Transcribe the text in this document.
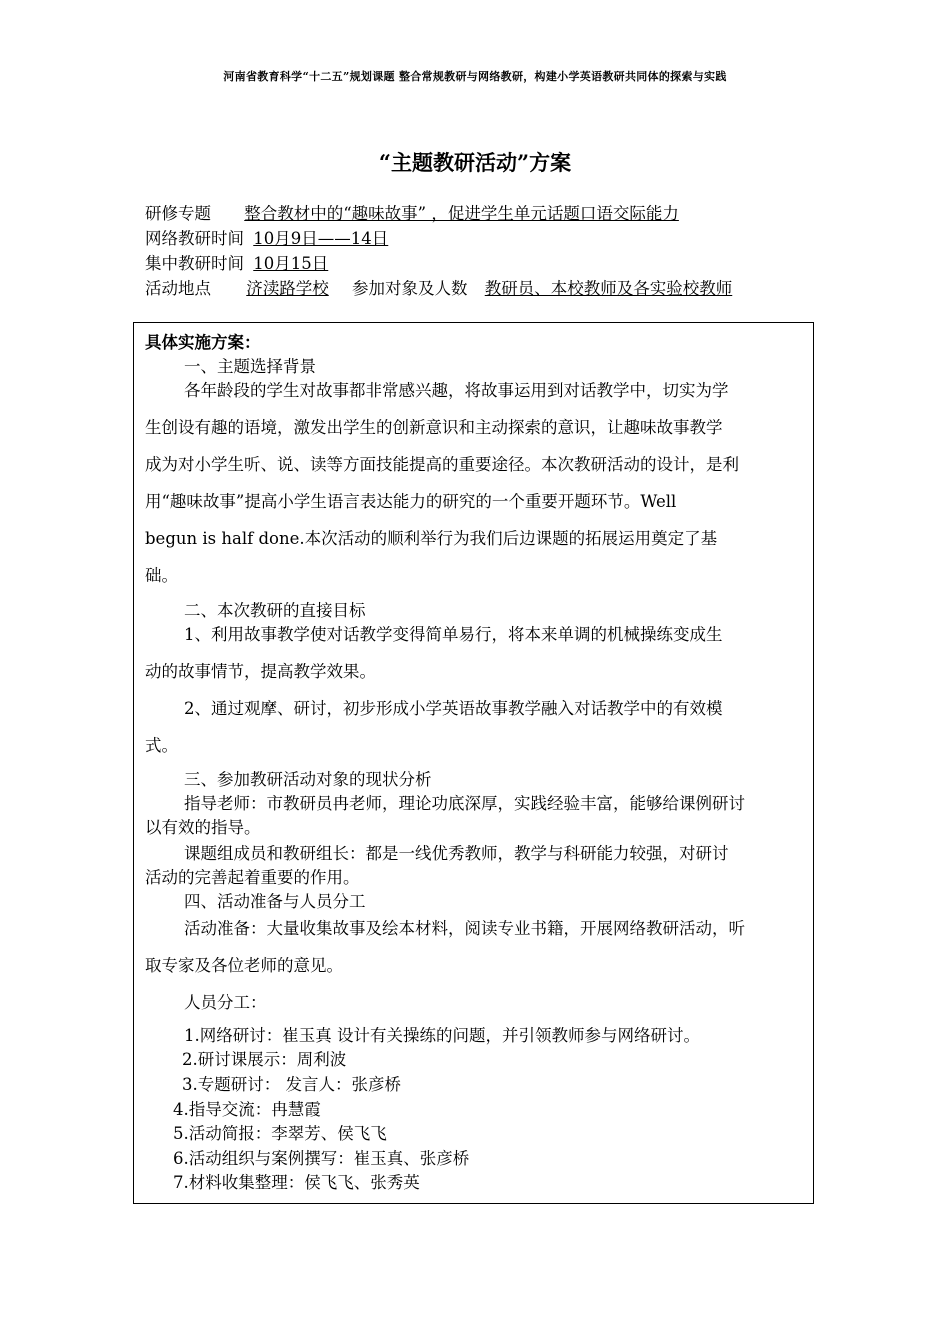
河南省教育科学“十二五”规划课题 整合常规教研与网络教研，构建小学英语教研共同体的探索与实践
“主题教研活动”方案
研修专题 整合教材中的“趣味故事” ，促进学生单元话题口语交际能力
网络教研时间 10月9日——14日
集中教研时间 10月15日
活动地点 济渎路学校 参加对象及人数 教研员、本校教师及各实验校教师
具体实施方案：
一、主题选择背景
各年龄段的学生对故事都非常感兴趣，将故事运用到对话教学中，切实为学
生创设有趣的语境，激发出学生的创新意识和主动探索的意识，让趣味故事教学
成为对小学生听、说、读等方面技能提高的重要途径。本次教研活动的设计，是利
用“趣味故事”提高小学生语言表达能力的研究的一个重要开题环节。Well
begun is half done.本次活动的顺利举行为我们后边课题的拓展运用奠定了基
础。
二、本次教研的直接目标
1、利用故事教学使对话教学变得简单易行，将本来单调的机械操练变成生
动的故事情节，提高教学效果。
2、通过观摩、研讨，初步形成小学英语故事教学融入对话教学中的有效模
式。
三、参加教研活动对象的现状分析
指导老师：市教研员冉老师，理论功底深厚，实践经验丰富，能够给课例研讨
以有效的指导。
课题组成员和教研组长：都是一线优秀教师，教学与科研能力较强，对研讨
活动的完善起着重要的作用。
四、活动准备与人员分工
活动准备：大量收集故事及绘本材料，阅读专业书籍，开展网络教研活动，听
取专家及各位老师的意见。
人员分工：
1.网络研讨：崔玉真 设计有关操练的问题，并引领教师参与网络研讨。
2.研讨课展示：周利波
3.专题研讨： 发言人：张彦桥
4.指导交流：冉慧霞
5.活动简报：李翠芳、侯飞飞
6.活动组织与案例撰写：崔玉真、张彦桥
7.材料收集整理：侯飞飞、张秀英
